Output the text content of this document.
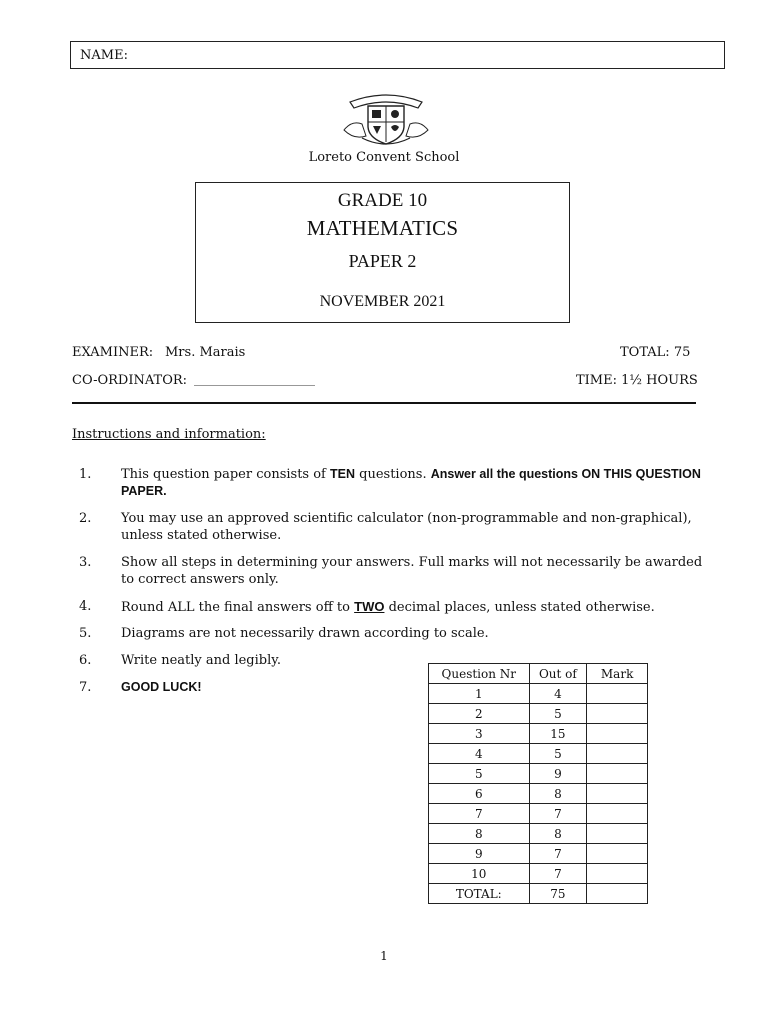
NAME:
Loreto Convent School
GRADE 10
MATHEMATICS
PAPER 2
NOVEMBER 2021
EXAMINER: Mrs. Marais	TOTAL: 75
CO-ORDINATOR: ______________________	TIME: 1½ HOURS
Instructions and information:
1. This question paper consists of TEN questions. Answer all the questions ON THIS QUESTION PAPER.
2. You may use an approved scientific calculator (non-programmable and non-graphical), unless stated otherwise.
3. Show all steps in determining your answers. Full marks will not necessarily be awarded to correct answers only.
4. Round ALL the final answers off to TWO decimal places, unless stated otherwise.
5. Diagrams are not necessarily drawn according to scale.
6. Write neatly and legibly.
7. GOOD LUCK!
Question Nr	Out of	Mark
1	4	
2	5	
3	15	
4	5	
5	9	
6	8	
7	7	
8	8	
9	7	
10	7	
TOTAL:	75	
1
